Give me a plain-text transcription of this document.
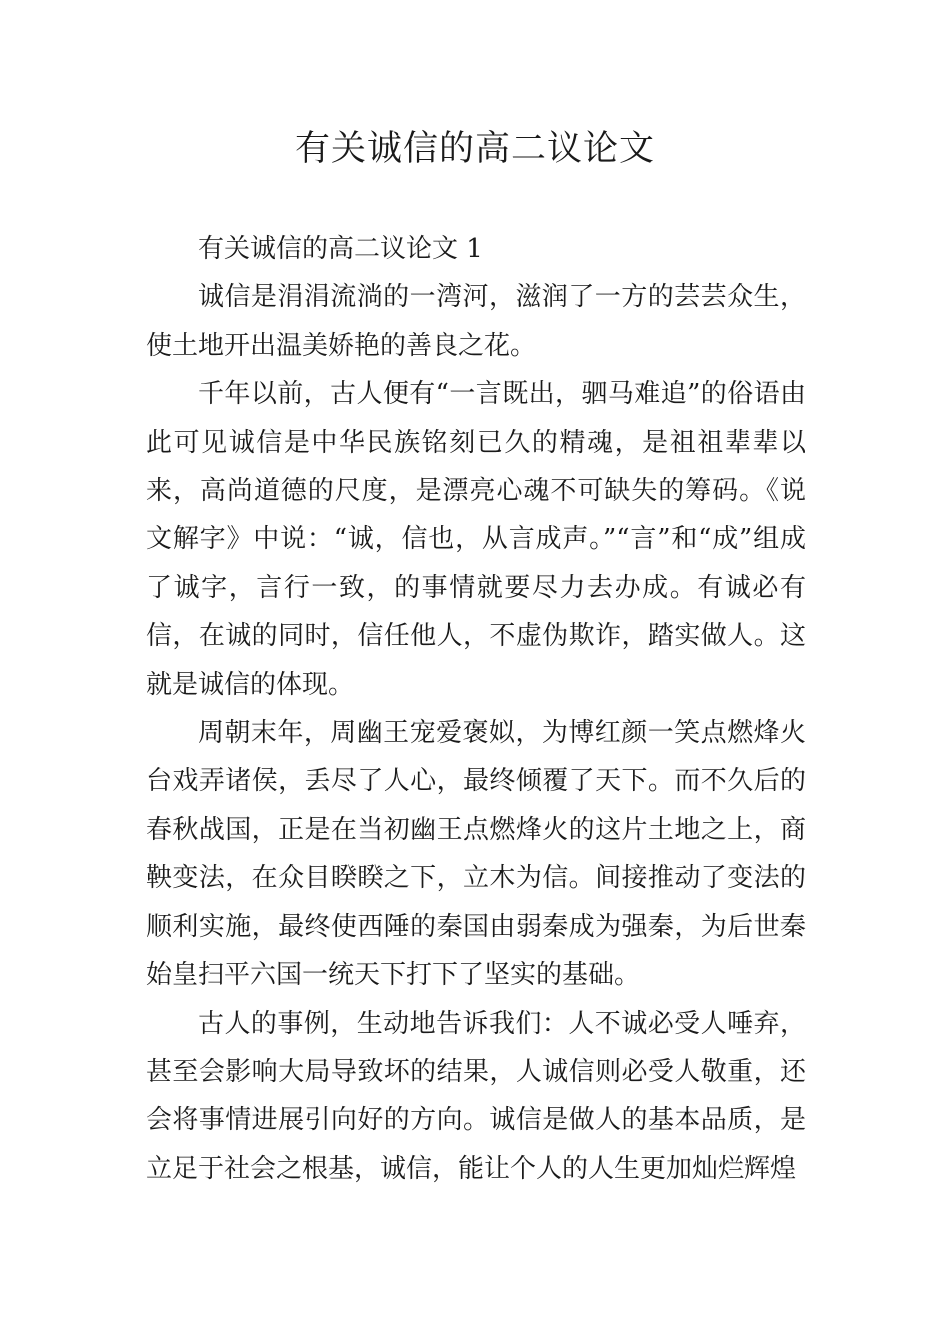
有关诚信的高二议论文

有关诚信的高二议论文 1

诚信是涓涓流淌的一湾河，滋润了一方的芸芸众生，使土地开出温美娇艳的善良之花。

千年以前，古人便有“一言既出，驷马难追”的俗语由此可见诚信是中华民族铭刻已久的精魂，是祖祖辈辈以来，高尚道德的尺度，是漂亮心魂不可缺失的筹码。《说文解字》中说：“诚，信也，从言成声。”“言”和“成”组成了诚字，言行一致，的事情就要尽力去办成。有诚必有信，在诚的同时，信任他人，不虚伪欺诈，踏实做人。这就是诚信的体现。

周朝末年，周幽王宠爱褒姒，为博红颜一笑点燃烽火台戏弄诸侯，丢尽了人心，最终倾覆了天下。而不久后的春秋战国，正是在当初幽王点燃烽火的这片土地之上，商鞅变法，在众目睽睽之下，立木为信。间接推动了变法的顺利实施，最终使西陲的秦国由弱秦成为强秦，为后世秦始皇扫平六国一统天下打下了坚实的基础。

古人的事例，生动地告诉我们：人不诚必受人唾弃，甚至会影响大局导致坏的结果，人诚信则必受人敬重，还会将事情进展引向好的方向。诚信是做人的基本品质，是立足于社会之根基，诚信，能让个人的人生更加灿烂辉煌
